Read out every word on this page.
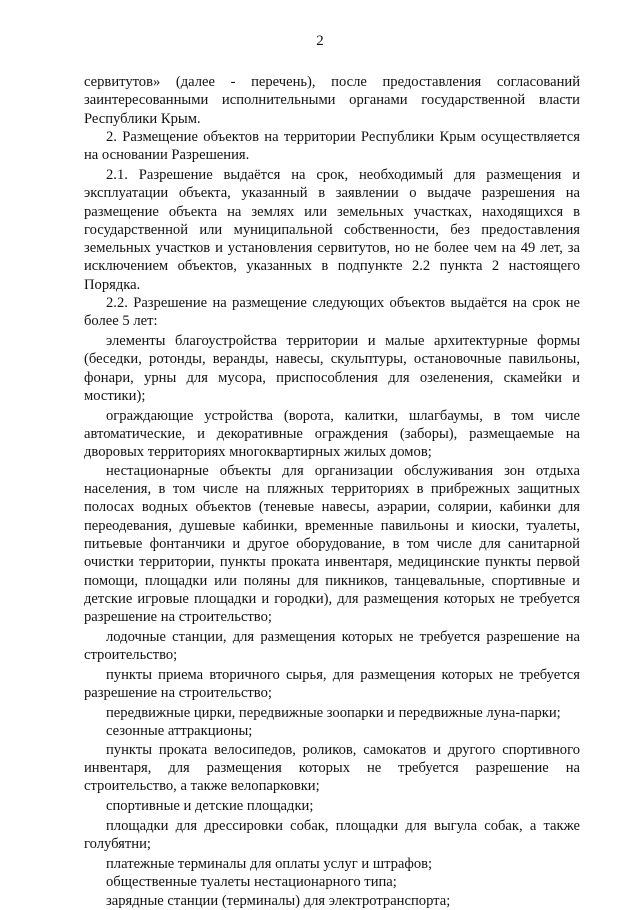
2

сервитутов» (далее - перечень), после предоставления согласований заинтересованными исполнительными органами государственной власти Республики Крым.

2. Размещение объектов на территории Республики Крым осуществляется на основании Разрешения.

2.1. Разрешение выдаётся на срок, необходимый для размещения и эксплуатации объекта, указанный в заявлении о выдаче разрешения на размещение объекта на землях или земельных участках, находящихся в государственной или муниципальной собственности, без предоставления земельных участков и установления сервитутов, но не более чем на 49 лет, за исключением объектов, указанных в подпункте 2.2 пункта 2 настоящего Порядка.

2.2. Разрешение на размещение следующих объектов выдаётся на срок не более 5 лет:

элементы благоустройства территории и малые архитектурные формы (беседки, ротонды, веранды, навесы, скульптуры, остановочные павильоны, фонари, урны для мусора, приспособления для озеленения, скамейки и мостики);

ограждающие устройства (ворота, калитки, шлагбаумы, в том числе автоматические, и декоративные ограждения (заборы), размещаемые на дворовых территориях многоквартирных жилых домов;

нестационарные объекты для организации обслуживания зон отдыха населения, в том числе на пляжных территориях в прибрежных защитных полосах водных объектов (теневые навесы, аэрарии, солярии, кабинки для переодевания, душевые кабинки, временные павильоны и киоски, туалеты, питьевые фонтанчики и другое оборудование, в том числе для санитарной очистки территории, пункты проката инвентаря, медицинские пункты первой помощи, площадки или поляны для пикников, танцевальные, спортивные и детские игровые площадки и городки), для размещения которых не требуется разрешение на строительство;

лодочные станции, для размещения которых не требуется разрешение на строительство;

пункты приема вторичного сырья, для размещения которых не требуется разрешение на строительство;

передвижные цирки, передвижные зоопарки и передвижные луна-парки;

сезонные аттракционы;

пункты проката велосипедов, роликов, самокатов и другого спортивного инвентаря, для размещения которых не требуется разрешение на строительство, а также велопарковки;

спортивные и детские площадки;

площадки для дрессировки собак, площадки для выгула собак, а также голубятни;

платежные терминалы для оплаты услуг и штрафов;

общественные туалеты нестационарного типа;

зарядные станции (терминалы) для электротранспорта;
